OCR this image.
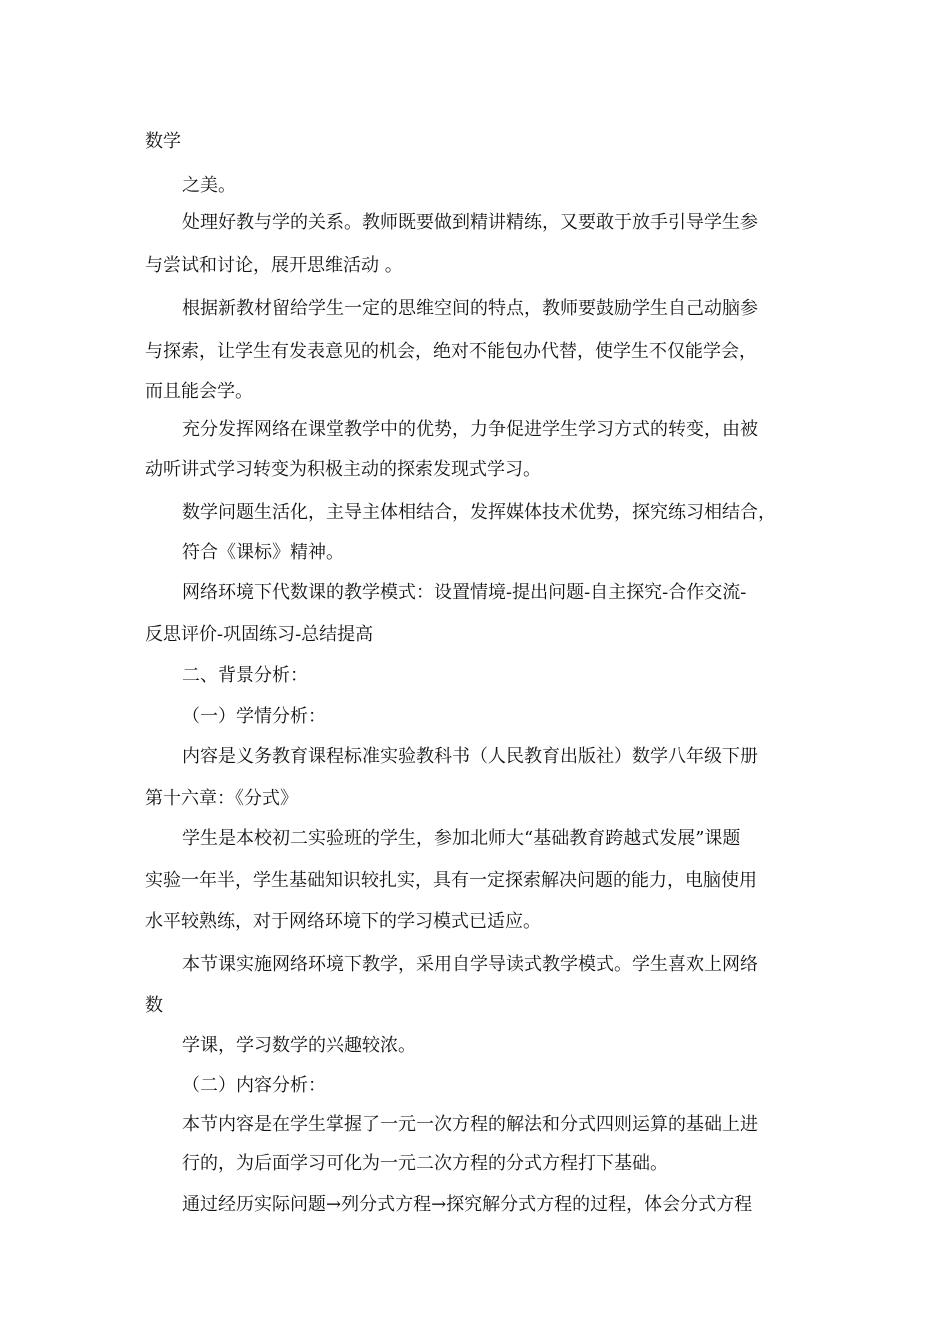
数学
之美。
处理好教与学的关系。教师既要做到精讲精练，又要敢于放手引导学生参
与尝试和讨论，展开思维活动 。
根据新教材留给学生一定的思维空间的特点，教师要鼓励学生自己动脑参
与探索，让学生有发表意见的机会，绝对不能包办代替，使学生不仅能学会，
而且能会学。
充分发挥网络在课堂教学中的优势，力争促进学生学习方式的转变，由被
动听讲式学习转变为积极主动的探索发现式学习。
数学问题生活化，主导主体相结合，发挥媒体技术优势，探究练习相结合，
符合《课标》精神。
网络环境下代数课的教学模式：设置情境-提出问题-自主探究-合作交流-
反思评价-巩固练习-总结提高
二、背景分析：
（一）学情分析：
内容是义务教育课程标准实验教科书（人民教育出版社）数学八年级下册
第十六章：《分式》
学生是本校初二实验班的学生，参加北师大“基础教育跨越式发展”课题
实验一年半，学生基础知识较扎实，具有一定探索解决问题的能力，电脑使用
水平较熟练，对于网络环境下的学习模式已适应。
本节课实施网络环境下教学，采用自学导读式教学模式。学生喜欢上网络
数
学课，学习数学的兴趣较浓。
（二）内容分析：
本节内容是在学生掌握了一元一次方程的解法和分式四则运算的基础上进
行的，为后面学习可化为一元二次方程的分式方程打下基础。
通过经历实际问题→列分式方程→探究解分式方程的过程，体会分式方程
